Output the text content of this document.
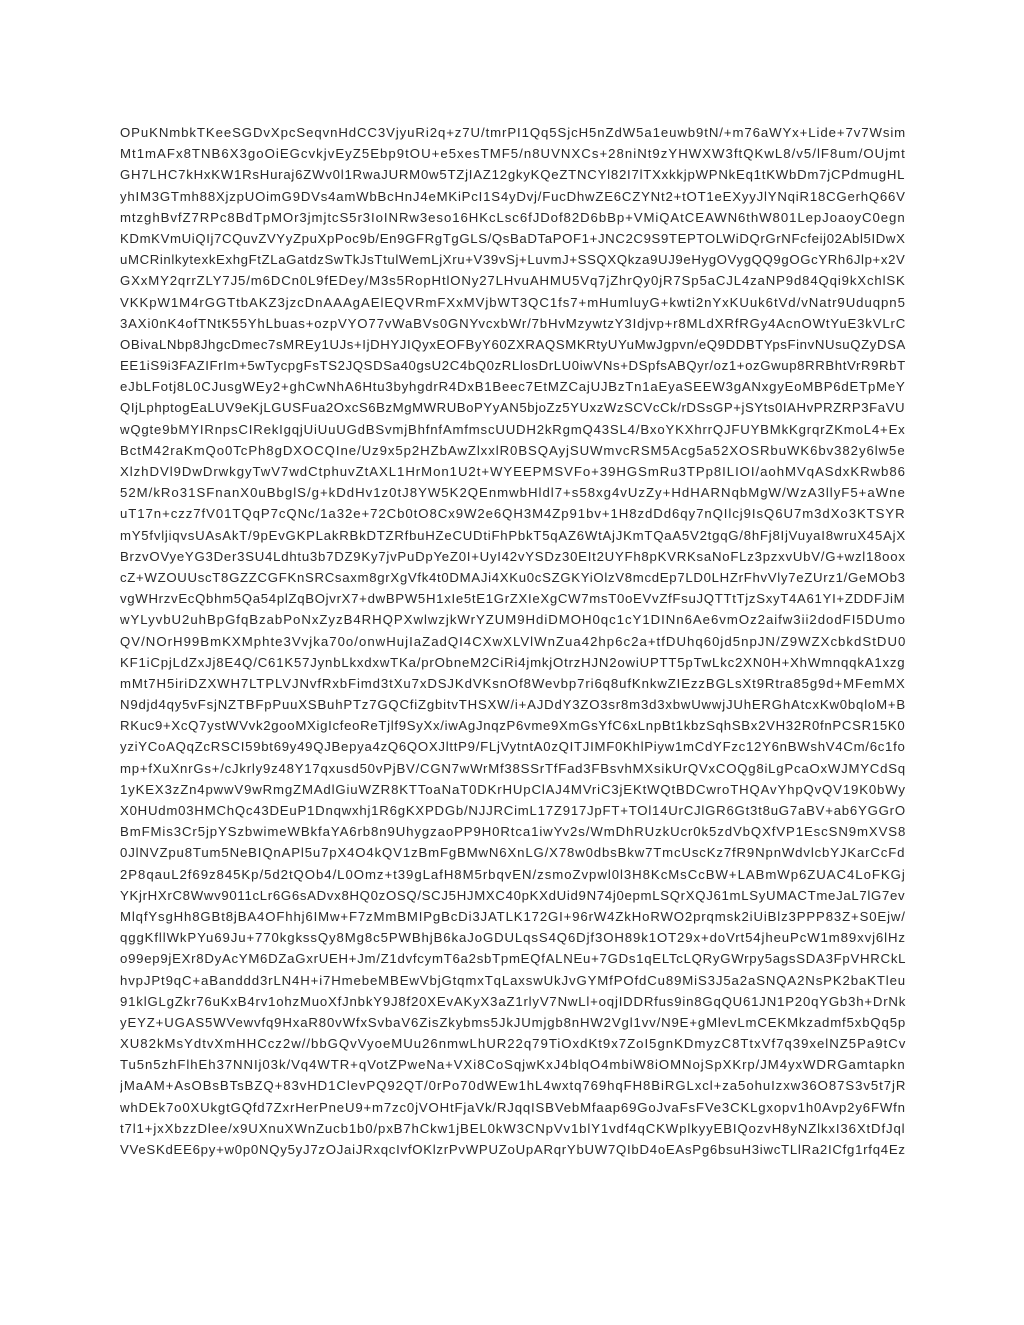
OPuKNmbkTKeeSGDvXpcSeqvnHdCC3VjyuRi2q+z7U/tmrPI1Qq5SjcH5nZdW5a1euwb9tN/+m76aWYx+Lide+7v7Wsim
Mt1mAFx8TNB6X3goOiEGcvkjvEyZ5Ebp9tOU+e5xesTMF5/n8UVNXCs+28niNt9zYHWXW3ftQKwL8/v5/lF8um/OUjmt
GH7LHC7kHxKW1RsHuraj6ZWv0l1RwaJURM0w5TZjIAZ12gkyKQeZTNCYl82I7lTXxkkjpWPNkEq1tKWbDm7jCPdmugHL
yhIM3GTmh88XjzpUOimG9DVs4amWbBcHnJ4eMKiPcI1S4yDvj/FucDhwZE6CZYNt2+tOT1eEXyyJlYNqiR18CGerhQ66V
mtzghBvfZ7RPc8BdTpMOr3jmjtcS5r3IoINRw3eso16HKcLsc6fJDof82D6bBp+VMiQAtCEAWN6thW801LepJoaoyC0egn
KDmKVmUiQIj7CQuvZVYyZpuXpPoc9b/En9GFRgTgGLS/QsBaDTaPOF1+JNC2C9S9TEPTOLWiDQrGrNFcfeij02Abl5IDwX
uMCRinlkytexkExhgFtZLaGatdzSwTkJsTtulWemLjXru+V39vSj+LuvmJ+SSQXQkza9UJ9eHygOVygQQ9gOGcYRh6Jlp+x2V
GXxMY2qrrZLY7J5/m6DCn0L9fEDey/M3s5RopHtlONy27LHvuAHMU5Vq7jZhrQy0jR7Sp5aCJL4zaNP9d84Qqi9kXchlSK
VKKpW1M4rGGTtbAKZ3jzcDnAAAgAElEQVRmFXxMVjbWT3QC1fs7+mHumluyG+kwti2nYxKUuk6tVd/vNatr9Uduqpn5
3AXi0nK4ofTNtK55YhLbuas+ozpVYO77vWaBVs0GNYvcxbWr/7bHvMzywtzY3Idjvp+r8MLdXRfRGy4AcnOWtYuE3kVLrC
OBivaLNbp8JhgcDmec7sMREy1UJs+IjDHYJIQyxEOFByY60ZXRAQSMKRtyUYuMwJgpvn/eQ9DDBTYpsFinvNUsuQZyDSA
EE1iS9i3FAZIFrIm+5wTycpgFsTS2JQSDSa40gsU2C4bQ0zRLlosDrLU0iwVNs+DSpfsABQyr/oz1+ozGwup8RRBhtVrR9RbT
eJbLFotj8L0CJusgWEy2+ghCwNhA6Htu3byhgdrR4DxB1Beec7EtMZCajUJBzTn1aEyaSEEW3gANxgyEoMBP6dETpMeY
QIjLphptogEaLUV9eKjLGUSFua2OxcS6BzMgMWRUBoPYyAN5bjoZz5YUxzWzSCVcCk/rDSsGP+jSYts0IAHvPRZRP3FaVU
wQgte9bMYIRnpsCIRekIgqjUiUuUGdBSvmjBhfnfAmfmscUUDH2kRgmQ43SL4/BxoYKXhrrQJFUYBMkKgrqrZKmoL4+Ex
BctM42raKmQo0TcPh8gDXOCQIne/Uz9x5p2HZbAwZlxxlR0BSQAyjSUWmvcRSM5Acg5a52XOSRbuWK6bv382y6lw5e
XlzhDVl9DwDrwkgyTwV7wdCtphuvZtAXL1HrMon1U2t+WYEEPMSVFo+39HGSmRu3TPp8ILIOI/aohMVqASdxKRwb86
52M/kRo31SFnanX0uBbglS/g+kDdHv1z0tJ8YW5K2QEnmwbHldl7+s58xg4vUzZy+HdHARNqbMgW/WzA3llyF5+aWne
uT17n+czz7fV01TQqP7cQNc/1a32e+72Cb0tO8Cx9W2e6QH3M4Zp91bv+1H8zdDd6qy7nQIlcj9IsQ6U7m3dXo3KTSYR
mY5fvljiqvsUAsAkT/9pEvGKPLakRBkDTZRfbuHZeCUDtiFhPbkT5qAZ6WtAjJKmTQaA5V2tgqG/8hFj8IjVuyaI8wruX45AjX
BrzvOVyeYG3Der3SU4Ldhtu3b7DZ9Ky7jvPuDpYeZ0I+UyI42vYSDz30EIt2UYFh8pKVRKsaNoFLz3pzxvUbV/G+wzl18oox
cZ+WZOUUscT8GZZCGFKnSRCsaxm8grXgVfk4t0DMAJi4XKu0cSZGKYiOlzV8mcdEp7LD0LHZrFhvVly7eZUrz1/GeMOb3
vgWHrzvEcQbhm5Qa54plZqBOjvrX7+dwBPW5H1xIe5tE1GrZXIeXgCW7msT0oEVvZfFsuJQTTtTjzSxyT4A61YI+ZDDFJiM
wYLyvbU2uhBpGfqBzabPoNxZyzB4RHQPXwlwzjkWrYZUM9HdiDMOH0qc1cY1DINn6Ae6vmOz2aifw3ii2dodFI5DUmo
QV/NOrH99BmKXMphte3Vvjka70o/onwHujIaZadQI4CXwXLVlWnZua42hp6c2a+tfDUhq60jd5npJN/Z9WZXcbkdStDU0
KF1iCpjLdZxJj8E4Q/C61K57JynbLkxdxwTKa/prObneM2CiRi4jmkjOtrzHJN2owiUPTT5pTwLkc2XN0H+XhWmnqqkA1xzg
mMt7H5iriDZXWH7LTPLVJNvfRxbFimd3tXu7xDSJKdVKsnOf8Wevbp7ri6q8ufKnkwZIEzzBGLsXt9Rtra85g9d+MFemMX
N9djd4qy5vFsjNZTBFpPuuXSBuhPTz7GQCfiZgbitvTHSXW/i+AJDdY3ZO3sr8m3d3xbwUwwjJUhERGhAtcxKw0bqloM+B
RKuc9+XcQ7ystWVvk2gooMXigIcfeoReTjlf9SyXx/iwAgJnqzP6vme9XmGsYfC6xLnpBt1kbzSqhSBx2VH32R0fnPCSR15K0
yziYCoAQqZcRSCI59bt69y49QJBepya4zQ6QOXJlttP9/FLjVytntA0zQITJIMF0KhlPiyw1mCdYFzc12Y6nBWshV4Cm/6c1fo
mp+fXuXnrGs+/cJkrly9z48Y17qxusd50vPjBV/CGN7wWrMf38SSrTfFad3FBsvhMXsikUrQVxCOQg8iLgPcaOxWJMYCdSq
1yKEX3zZn4pwwV9wRmgZMAdlGiuWZR8KTToaNaT0DKrHUpClAJ4MVriC3jEKtWQtBDCwroTHQAvYhpQvQV19K0bWy
X0HUdm03HMChQc43DEuP1Dnqwxhj1R6gKXPDGb/NJJRCimL17Z917JpFT+TOl14UrCJlGR6Gt3t8uG7aBV+ab6YGGrO
BmFMis3Cr5jpYSzbwimeWBkfaYA6rb8n9UhygzaoPP9H0Rtca1iwYv2s/WmDhRUzkUcr0k5zdVbQXfVP1EscSN9mXVS8
0JlNVZpu8Tum5NeBIQnAPl5u7pX4O4kQV1zBmFgBMwN6XnLG/X78w0dbsBkw7TmcUscKz7fR9NpnWdvlcbYJKarCcFd
2P8qauL2f69z845Kp/5d2tQOb4/L0Omz+t39gLafH8M5rbqvEN/zsmoZvpwl0l3H8KcMsCcBW+LABmWp6ZUAC4LoFKGj
YKjrHXrC8Wwv9011cLr6G6sADvx8HQ0zOSQ/SCJ5HJMXC40pKXdUid9N74j0epmLSQrXQJ61mLSyUMACTmeJaL7lG7ev
MlqfYsgHh8GBt8jBA4OFhhj6IMw+F7zMmBMIPgBcDi3JATLK172GI+96rW4ZkHoRWO2prqmsk2iUiBlz3PPP83Z+S0Ejw/
qggKfllWkPYu69Ju+770kgkssQy8Mg8c5PWBhjB6kaJoGDULqsS4Q6Djf3OH89k1OT29x+doVrt54jheuPcW1m89xvj6lHz
o99ep9jEXr8DyAcYM6DZaGxrUEH+Jm/Z1dvfcymT6a2sbTpmEQfALNEu+7GDs1qELTcLQRyGWrpy5agsSDA3FpVHRCkL
hvpJPt9qC+aBanddd3rLN4H+i7HmebeMBEwVbjGtqmxTqLaxswUkJvGYMfPOfdCu89MiS3J5a2aSNQA2NsPK2baKTleu
91klGLgZkr76uKxB4rv1ohzMuoXfJnbkY9J8f20XEvAKyX3aZ1rlyV7NwLl+oqjIDDRfus9in8GqQU61JN1P20qYGb3h+DrNk
yEYZ+UGAS5WVewvfq9HxaR80vWfxSvbaV6ZisZkybms5JkJUmjgb8nHW2Vgl1vv/N9E+gMlevLmCEKMkzadmf5xbQq5p
XU82kMsYdtvXmHHCcz2w//bbGQvVyoeMUu26nmwLhUR22q79TiOxdKt9x7ZoI5gnKDmyzC8TtxVf7q39xelNZ5Pa9tCv
Tu5n5zhFlhEh37NNIj03k/Vq4WTR+qVotZPweNa+VXi8CoSqjwKxJ4blqO4mbiW8iOMNojSpXKrp/JM4yxWDRGamtapkn
jMaAM+AsOBsBTsBZQ+83vHD1ClevPQ92QT/0rPo70dWEw1hL4wxtq769hqFH8BiRGLxcl+za5ohuIzxw36O87S3v5t7jR
whDEk7o0XUkgtGQfd7ZxrHerPneU9+m7zc0jVOHtFjaVk/RJqqISBVebMfaap69GoJvaFsFVe3CKLgxopv1h0Avp2y6FWfn
t7l1+jxXbzzDlee/x9UXnuXWnZucb1b0/pxB7hCkw1jBEL0kW3CNpVv1blY1vdf4qCKWplkyyEBIQozvH8yNZlkxI36XtDfJql
VVeSKdEE6py+w0p0NQy5yJ7zOJaiJRxqcIvfOKlzrPvWPUZoUpARqrYbUW7QIbD4oEAsPg6bsuH3iwcTLlRa2ICfg1rfq4Ez
